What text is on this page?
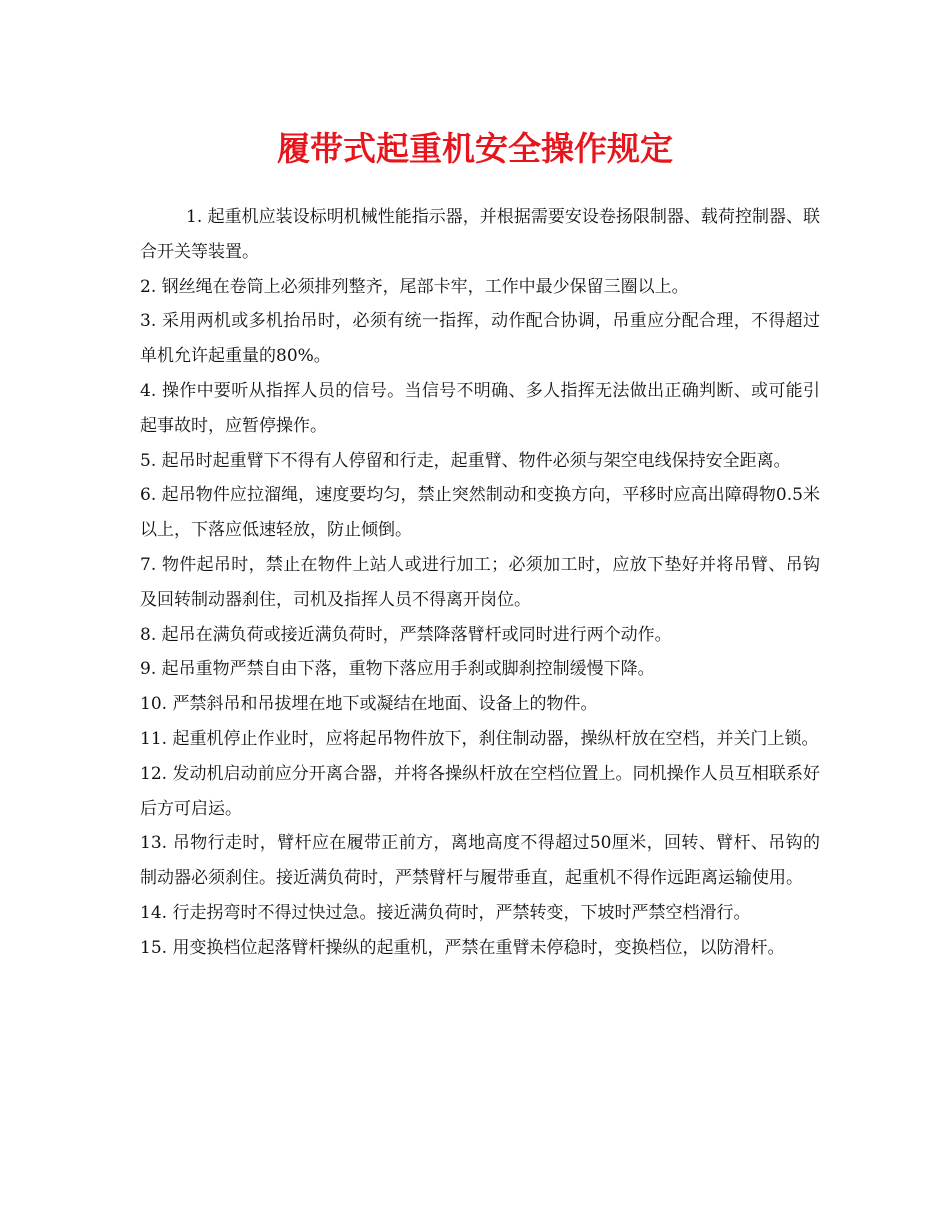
履带式起重机安全操作规定

1. 起重机应装设标明机械性能指示器，并根据需要安设卷扬限制器、载荷控制器、联合开关等装置。

2. 钢丝绳在卷筒上必须排列整齐，尾部卡牢，工作中最少保留三圈以上。

3. 采用两机或多机抬吊时，必须有统一指挥，动作配合协调，吊重应分配合理，不得超过单机允许起重量的80%。

4. 操作中要听从指挥人员的信号。当信号不明确、多人指挥无法做出正确判断、或可能引起事故时，应暂停操作。

5. 起吊时起重臂下不得有人停留和行走，起重臂、物件必须与架空电线保持安全距离。

6. 起吊物件应拉溜绳，速度要均匀，禁止突然制动和变换方向，平移时应高出障碍物0.5米以上，下落应低速轻放，防止倾倒。

7. 物件起吊时，禁止在物件上站人或进行加工；必须加工时，应放下垫好并将吊臂、吊钩及回转制动器刹住，司机及指挥人员不得离开岗位。

8. 起吊在满负荷或接近满负荷时，严禁降落臂杆或同时进行两个动作。

9. 起吊重物严禁自由下落，重物下落应用手刹或脚刹控制缓慢下降。

10. 严禁斜吊和吊拔埋在地下或凝结在地面、设备上的物件。

11. 起重机停止作业时，应将起吊物件放下，刹住制动器，操纵杆放在空档，并关门上锁。

12. 发动机启动前应分开离合器，并将各操纵杆放在空档位置上。同机操作人员互相联系好后方可启运。

13. 吊物行走时，臂杆应在履带正前方，离地高度不得超过50厘米，回转、臂杆、吊钩的制动器必须刹住。接近满负荷时，严禁臂杆与履带垂直，起重机不得作远距离运输使用。

14. 行走拐弯时不得过快过急。接近满负荷时，严禁转变，下坡时严禁空档滑行。

15. 用变换档位起落臂杆操纵的起重机，严禁在重臂未停稳时，变换档位，以防滑杆。
